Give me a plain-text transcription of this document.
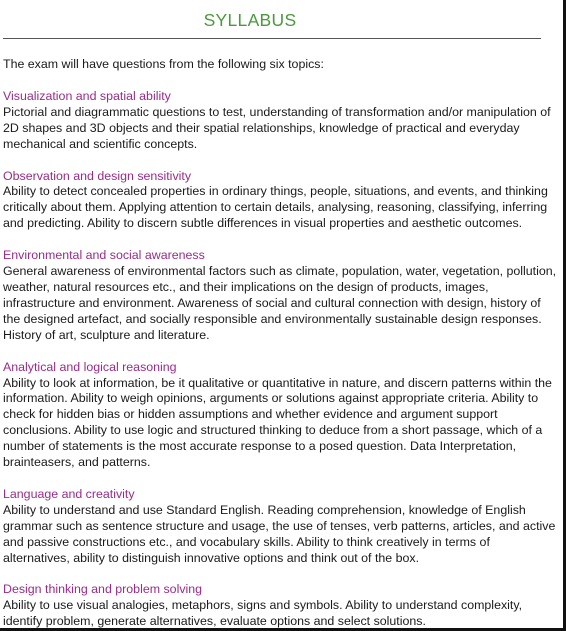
SYLLABUS

The exam will have questions from the following six topics:

Visualization and spatial ability

Pictorial and diagrammatic questions to test, understanding of transformation and/or manipulation of 2D shapes and 3D objects and their spatial relationships, knowledge of practical and everyday mechanical and scientific concepts.

Observation and design sensitivity

Ability to detect concealed properties in ordinary things, people, situations, and events, and thinking critically about them. Applying attention to certain details, analysing, reasoning, classifying, inferring and predicting. Ability to discern subtle differences in visual properties and aesthetic outcomes.

Environmental and social awareness

General awareness of environmental factors such as climate, population, water, vegetation, pollution, weather, natural resources etc., and their implications on the design of products, images, infrastructure and environment. Awareness of social and cultural connection with design, history of the designed artefact, and socially responsible and environmentally sustainable design responses. History of art, sculpture and literature.

Analytical and logical reasoning

Ability to look at information, be it qualitative or quantitative in nature, and discern patterns within the information. Ability to weigh opinions, arguments or solutions against appropriate criteria. Ability to check for hidden bias or hidden assumptions and whether evidence and argument support conclusions. Ability to use logic and structured thinking to deduce from a short passage, which of a number of statements is the most accurate response to a posed question. Data Interpretation, brainteasers, and patterns.

Language and creativity

Ability to understand and use Standard English. Reading comprehension, knowledge of English grammar such as sentence structure and usage, the use of tenses, verb patterns, articles, and active and passive constructions etc., and vocabulary skills. Ability to think creatively in terms of alternatives, ability to distinguish innovative options and think out of the box.

Design thinking and problem solving

Ability to use visual analogies, metaphors, signs and symbols. Ability to understand complexity, identify problem, generate alternatives, evaluate options and select solutions.
